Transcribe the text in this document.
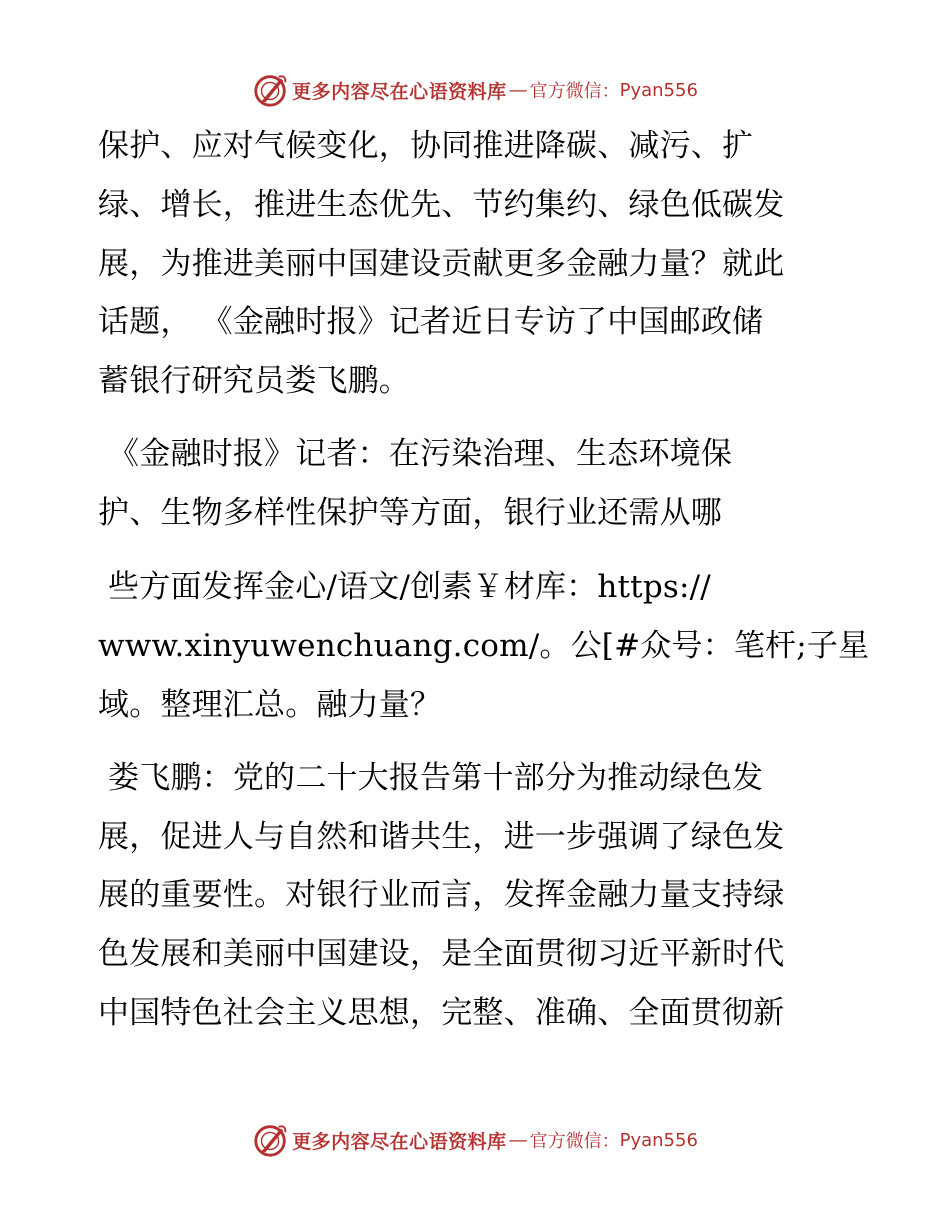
更多内容尽在心语资料库 — 官方微信： Pyan556
保护、应对气候变化，协同推进降碳、减污、扩
绿、增长，推进生态优先、节约集约、绿色低碳发
展，为推进美丽中国建设贡献更多金融力量？就此
话题， 《金融时报》记者近日专访了中国邮政储
蓄银行研究员娄飞鹏。
《金融时报》记者：在污染治理、生态环境保
护、生物多样性保护等方面，银行业还需从哪
些方面发挥金心/语文/创素￥材库：https://
www.xinyuwenchuang.com/。公[#众号：笔杆;子星
域。整理汇总。融力量？
娄飞鹏：党的二十大报告第十部分为推动绿色发
展，促进人与自然和谐共生，进一步强调了绿色发
展的重要性。对银行业而言，发挥金融力量支持绿
色发展和美丽中国建设，是全面贯彻习近平新时代
中国特色社会主义思想，完整、准确、全面贯彻新
更多内容尽在心语资料库 — 官方微信： Pyan556
